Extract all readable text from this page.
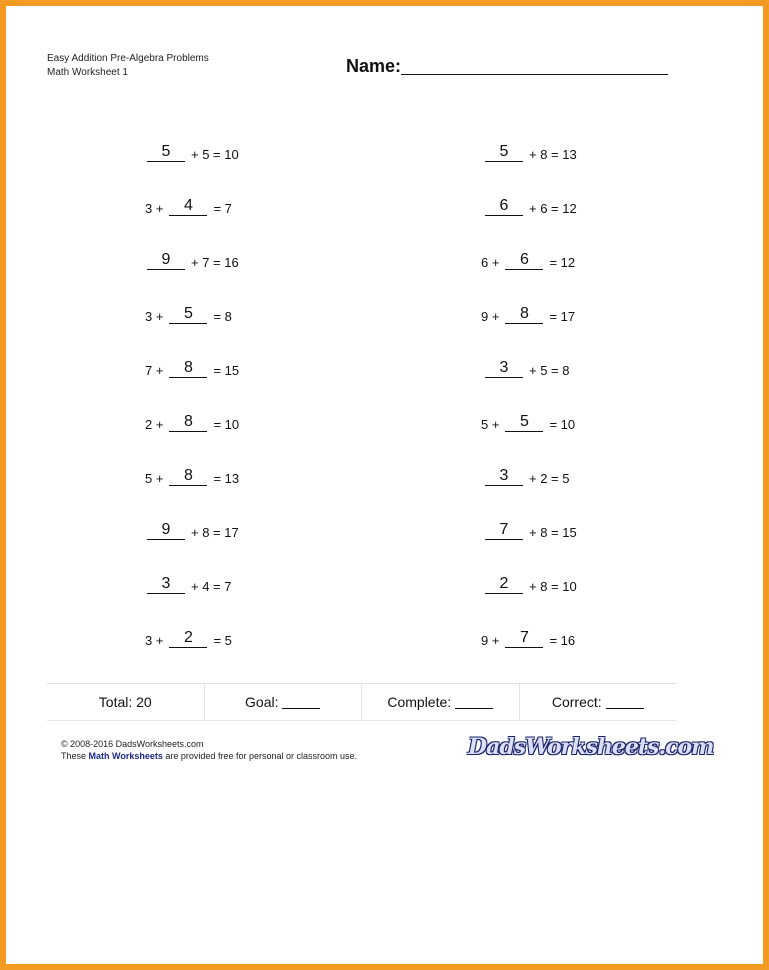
Easy Addition Pre-Algebra Problems
Math Worksheet 1	Name:
5	+ 5 = 10
3 +	4	= 7
9	+ 7 = 16
3 +	5	= 8
7 +	8	= 15
2 +	8	= 10
5 +	8	= 13
9	+ 8 = 17
3	+ 4 = 7
3 +	2	= 5
5	+ 8 = 13
6	+ 6 = 12
6 +	6	= 12
9 +	8	= 17
3	+ 5 = 8
5 +	5	= 10
3	+ 2 = 5
7	+ 8 = 15
2	+ 8 = 10
9 +	7	= 16
Total: 20	Goal:	Complete:	Correct:
© 2008-2016 DadsWorksheets.com
These Math Worksheets are provided free for personal or classroom use.	DadsWorksheets.com
